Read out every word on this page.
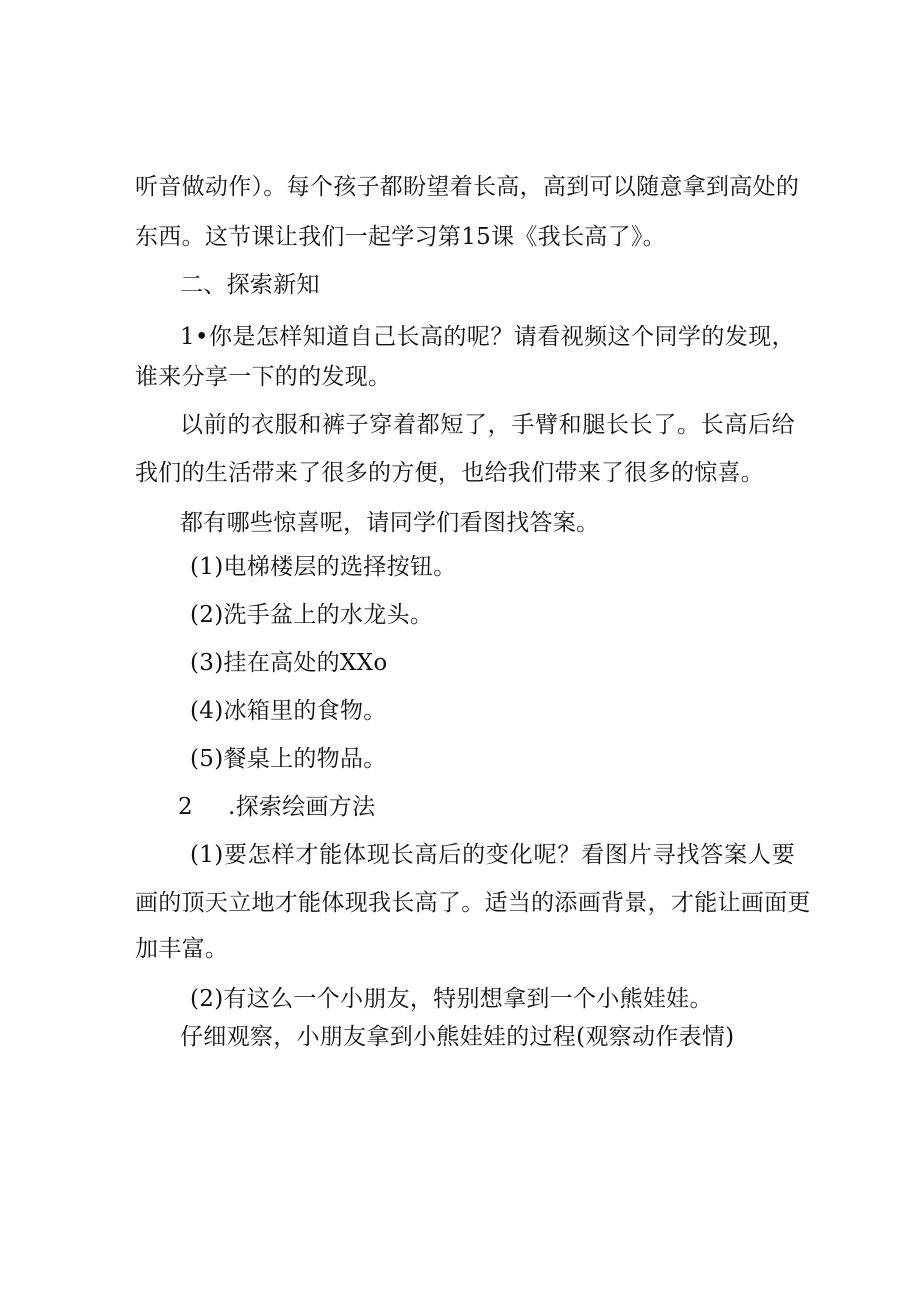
听音做动作）。每个孩子都盼望着长高，高到可以随意拿到高处的
东西。这节课让我们一起学习第15课《我长高了》。
二、探索新知
1•你是怎样知道自己长高的呢？请看视频这个同学的发现，
谁来分享一下的的发现。
以前的衣服和裤子穿着都短了，手臂和腿长长了。长高后给
我们的生活带来了很多的方便，也给我们带来了很多的惊喜。
都有哪些惊喜呢，请同学们看图找答案。
(1)电梯楼层的选择按钮。
(2)洗手盆上的水龙头。
(3)挂在高处的XXo
(4)冰箱里的食物。
(5)餐桌上的物品。
2 .探索绘画方法
(1)要怎样才能体现长高后的变化呢？看图片寻找答案人要
画的顶天立地才能体现我长高了。适当的添画背景，才能让画面更
加丰富。
(2)有这么一个小朋友，特别想拿到一个小熊娃娃。
仔细观察，小朋友拿到小熊娃娃的过程(观察动作表情)
